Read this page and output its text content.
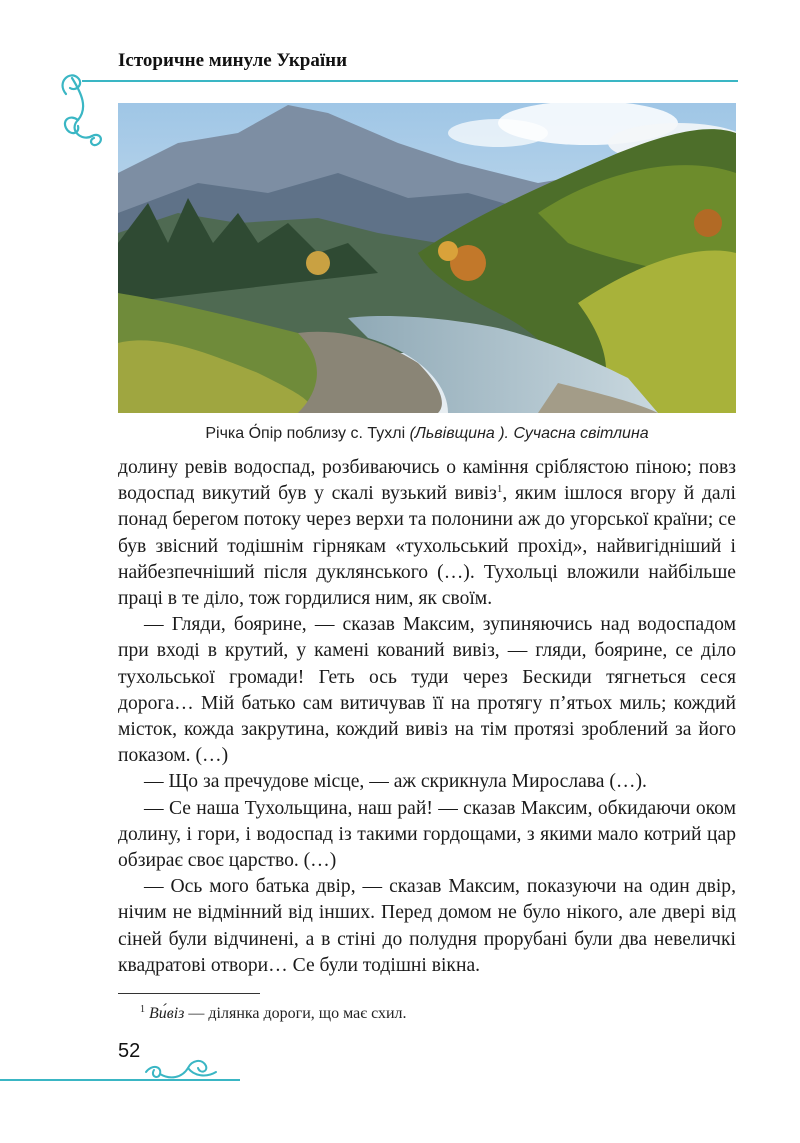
Історичне минуле України
Річка О́пір поблизу с. Тухлі (Львівщина ). Сучасна світлина

долину ревів водоспад, розбиваючись о каміння сріблястою піною; повз водоспад викутий був у скалі вузький вивіз$^1$, яким ішлося вгору й далі понад берегом потоку через верхи та полонини аж до угорської країни; се був звісний тодішнім гірнякам «тухольський прохід», найвигідніший і найбезпечніший після дуклянського (…). Тухольці вложили найбільше праці в те діло, тож гордилися ним, як своїм.

— Гляди, боярине, — сказав Максим, зупиняючись над водоспадом при вході в крутий, у камені кований вивіз, — гляди, боярине, се діло тухольської громади! Геть ось туди через Бескиди тягнеться сеся дорога… Мій батько сам витичував її на протягу п’ятьох миль; кождий місток, кожда закрутина, кождий вивіз на тім протязі зроблений за його показом. (…)

— Що за пречудове місце, — аж скрикнула Мирослава (…).

— Се наша Тухольщина, наш рай! — сказав Максим, обкидаючи оком долину, і гори, і водоспад із такими гордощами, з якими мало котрий цар обзирає своє царство. (…)

— Ось мого батька двір, — сказав Максим, показуючи на один двір, нічим не відмінний від інших. Перед домом не було нікого, але двері від сіней були відчинені, а в стіні до полудня прорубані були два невеличкі квадратові отвори… Се були тодішні вікна.

$^1$ Ви́віз — ділянка дороги, що має схил.
52
